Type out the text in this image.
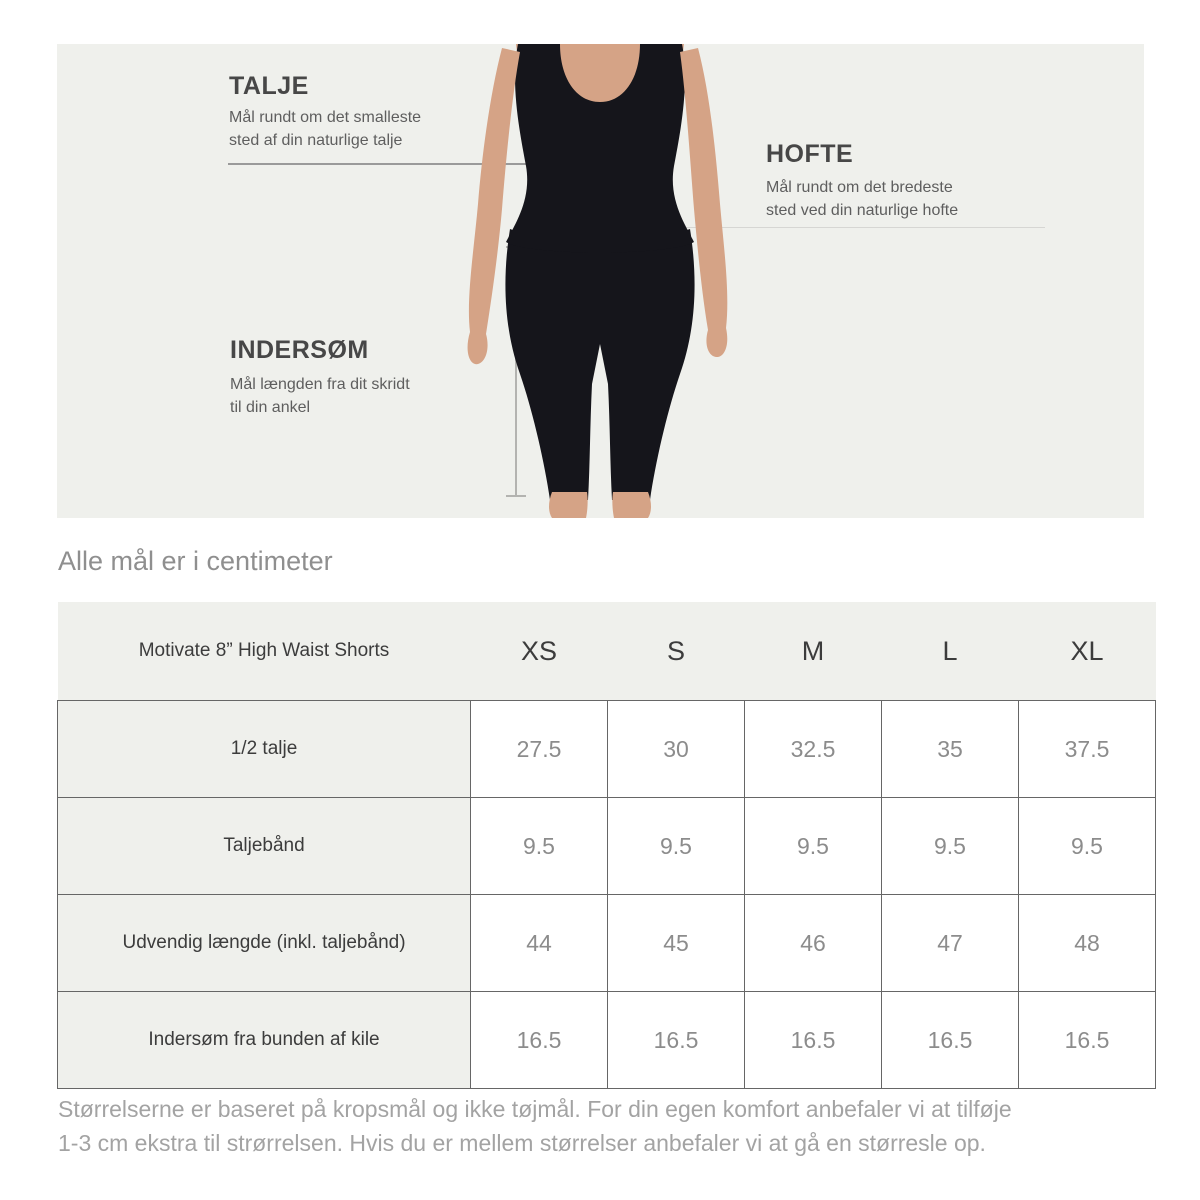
TALJE
Mål rundt om det smalleste
sted af din naturlige talje	HOFTE
Mål rundt om det bredeste
sted ved din naturlige hofte
INDERSØM
Mål længden fra dit skridt
til din ankel
Alle mål er i centimeter
Motivate 8” High Waist Shorts	XS	S	M	L	XL
1/2 talje	27.5	30	32.5	35	37.5
Taljebånd	9.5	9.5	9.5	9.5	9.5
Udvendig længde (inkl. taljebånd)	44	45	46	47	48
Indersøm fra bunden af kile	16.5	16.5	16.5	16.5	16.5
Størrelserne er baseret på kropsmål og ikke tøjmål. For din egen komfort anbefaler vi at tilføje
1-3 cm ekstra til strørrelsen. Hvis du er mellem størrelser anbefaler vi at gå en størresle op.
